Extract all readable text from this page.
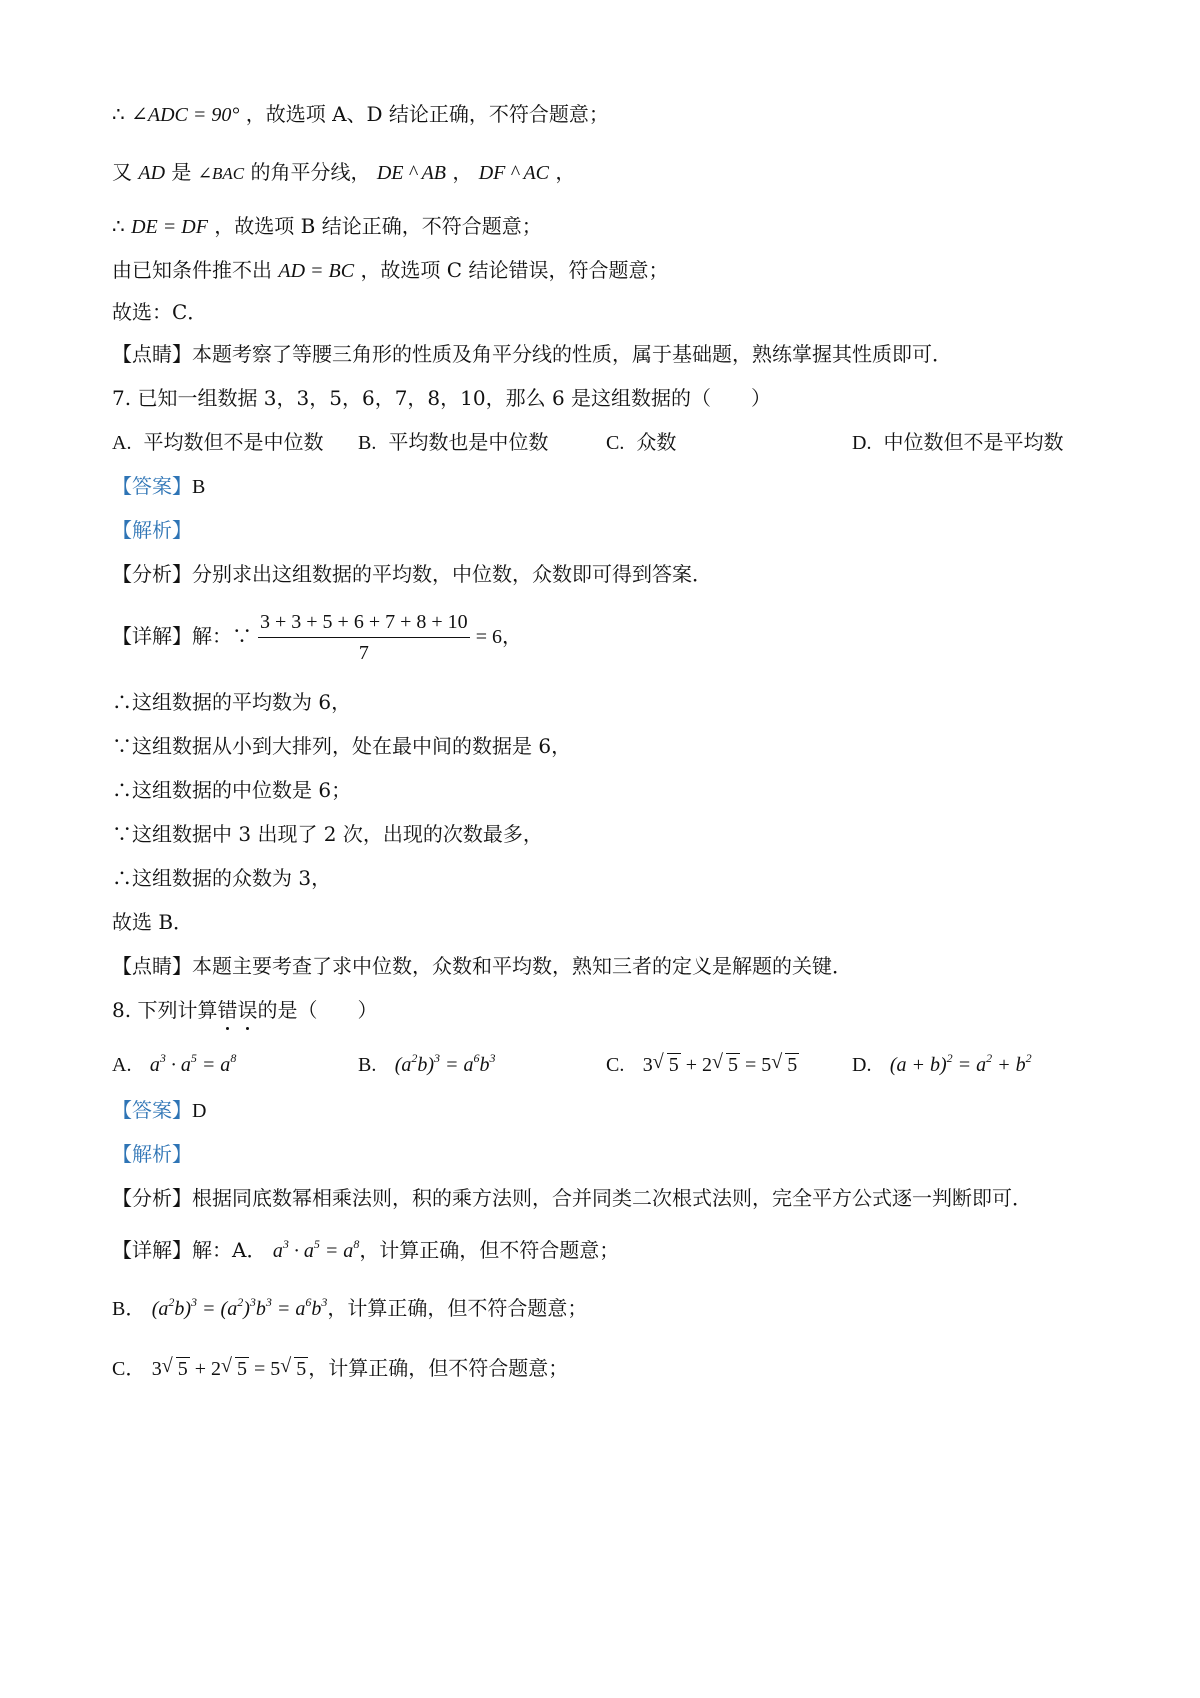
∴ ∠ADC = 90° ，故选项 A、D 结论正确，不符合题意；
又 AD 是 ∠BAC 的角平分线， DE ^ AB ， DF ^ AC ，
∴ DE = DF ，故选项 B 结论正确，不符合题意；
由已知条件推不出 AD = BC ，故选项 C 结论错误，符合题意；
故选：C．
【点睛】本题考察了等腰三角形的性质及角平分线的性质，属于基础题，熟练掌握其性质即可．
7. 已知一组数据 3，3，5，6，7，8，10，那么 6 是这组数据的（　　）
A. 平均数但不是中位数 B. 平均数也是中位数	C. 众数	D. 中位数但不是平均数
【答案】B
【解析】
【分析】分别求出这组数据的平均数，中位数，众数即可得到答案．
【详解】解：∵ $\frac{3 + 3 + 5 + 6 + 7 + 8 + 10}{7} = 6$，
∴这组数据的平均数为 6，
∵这组数据从小到大排列，处在最中间的数据是 6，
∴这组数据的中位数是 6；
∵这组数据中 3 出现了 2 次，出现的次数最多，
∴这组数据的众数为 3，
故选 B．
【点睛】本题主要考查了求中位数，众数和平均数，熟知三者的定义是解题的关键．
8. 下列计算错误的是（　　）
A. $a^3 \cdot a^5 = a^8$	B. $(a^2b)^3 = a^6b^3$	C. 3 √ 5 + 2 √ 5 = 5 √ 5	D. $(a + b)^2 = a^2 + b^2$
【答案】D
【解析】
【分析】根据同底数幂相乘法则，积的乘方法则，合并同类二次根式法则，完全平方公式逐一判断即可．
【详解】解：A． $a^3 \cdot a^5 = a^8$，计算正确，但不符合题意；
B． $(a^2b)^3 = (a^2)^3b^3 = a^6b^3$，计算正确，但不符合题意；
C． 3 √ 5 + 2 √ 5 = 5 √ 5 ，计算正确，但不符合题意；
